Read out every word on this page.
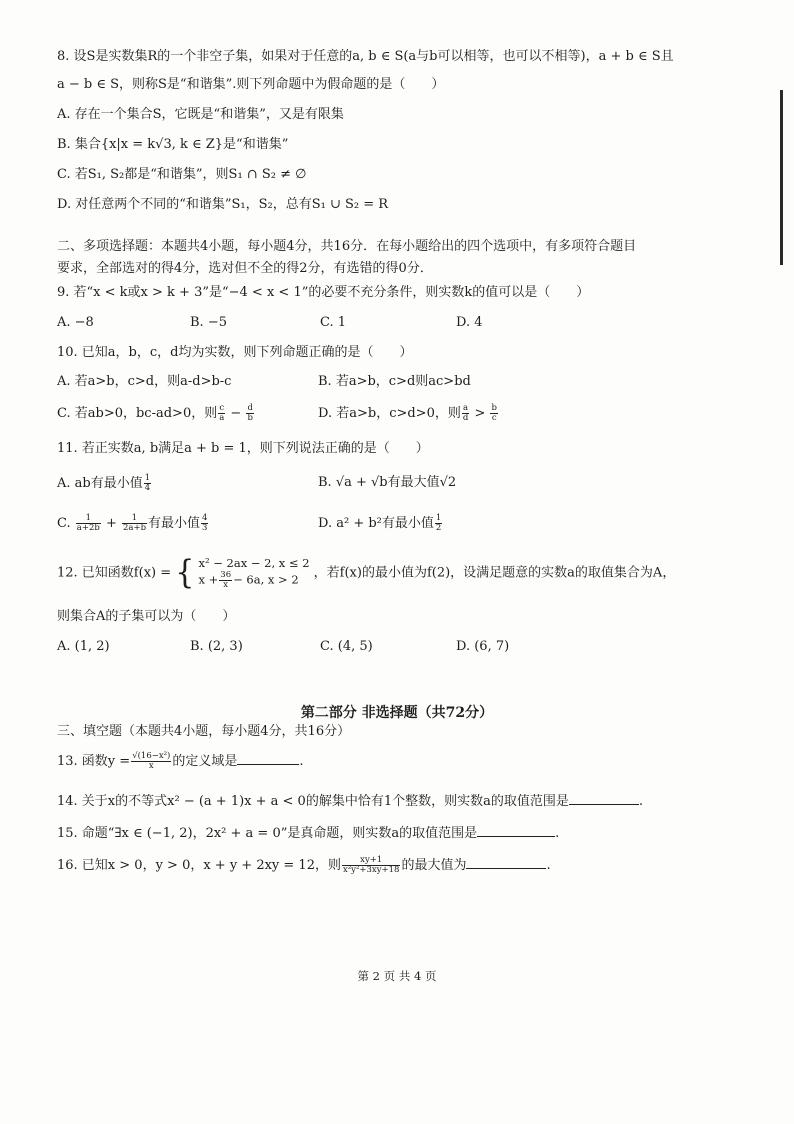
8. 设S是实数集R的一个非空子集，如果对于任意的a, b ∈ S(a与b可以相等，也可以不相等)，a + b ∈ S且
a − b ∈ S，则称S是“和谐集”.则下列命题中为假命题的是（　　）
A. 存在一个集合S，它既是“和谐集”，又是有限集
B. 集合{x|x = k√3, k ∈ Z}是“和谐集”
C. 若S₁, S₂都是“和谐集”，则S₁ ∩ S₂ ≠ ∅
D. 对任意两个不同的“和谐集”S₁，S₂，总有S₁ ∪ S₂ = R
二、多项选择题：本题共4小题，每小题4分，共16分．在每小题给出的四个选项中，有多项符合题目
要求，全部选对的得4分，选对但不全的得2分，有选错的得0分．
9. 若“x < k或x > k + 3”是“−4 < x < 1”的必要不充分条件，则实数k的值可以是（　　）
A. −8	B. −5	C. 1	D. 4
10. 已知a，b，c，d均为实数，则下列命题正确的是（　　）
A. 若a>b，c>d，则a-d>b-c	B. 若a>b，c>d则ac>bd
C. 若ab>0，bc-ad>0，则 $\frac{c}{a} - \frac{d}{b}$	D. 若a>b，c>d>0，则 $\frac{a}{d} > \frac{b}{c}$
11. 若正实数a, b满足a + b = 1，则下列说法正确的是（　　）
A. ab有最小值 $\frac{1}{4}$	B. √a + √b有最大值√2
C. $\frac{1}{a+2b} + \frac{1}{2a+b}$ 有最小值 $\frac{4}{3}$	D. a² + b²有最小值 $\frac{1}{2}$
12. 已知函数f(x) = { x² − 2ax − 2, x ≤ 2
$x + \frac{36}{x} - 6a$, x > 2	，若f(x)的最小值为f(2)，设满足题意的实数a的取值集合为A，
则集合A的子集可以为（　　）
A. (1, 2)	B. (2, 3)	C. (4, 5)	D. (6, 7)
第二部分 非选择题（共72分）
三、填空题（本题共4小题，每小题4分，共16分）
13. 函数$y = \frac{\text{√(16−x²)}}{x}$ 的定义域是	.
14. 关于x的不等式x² − (a + 1)x + a < 0的解集中恰有1个整数，则实数a的取值范围是	.
15. 命题“∃x ∈ (−1, 2)，2x² + a = 0”是真命题，则实数a的取值范围是	.
16. 已知x > 0，y > 0，x + y + 2xy = 12，则 $\frac{xy+1}{\text{x²y²+3xy+18}}$ 的最大值为	.
第 2 页 共 4 页
